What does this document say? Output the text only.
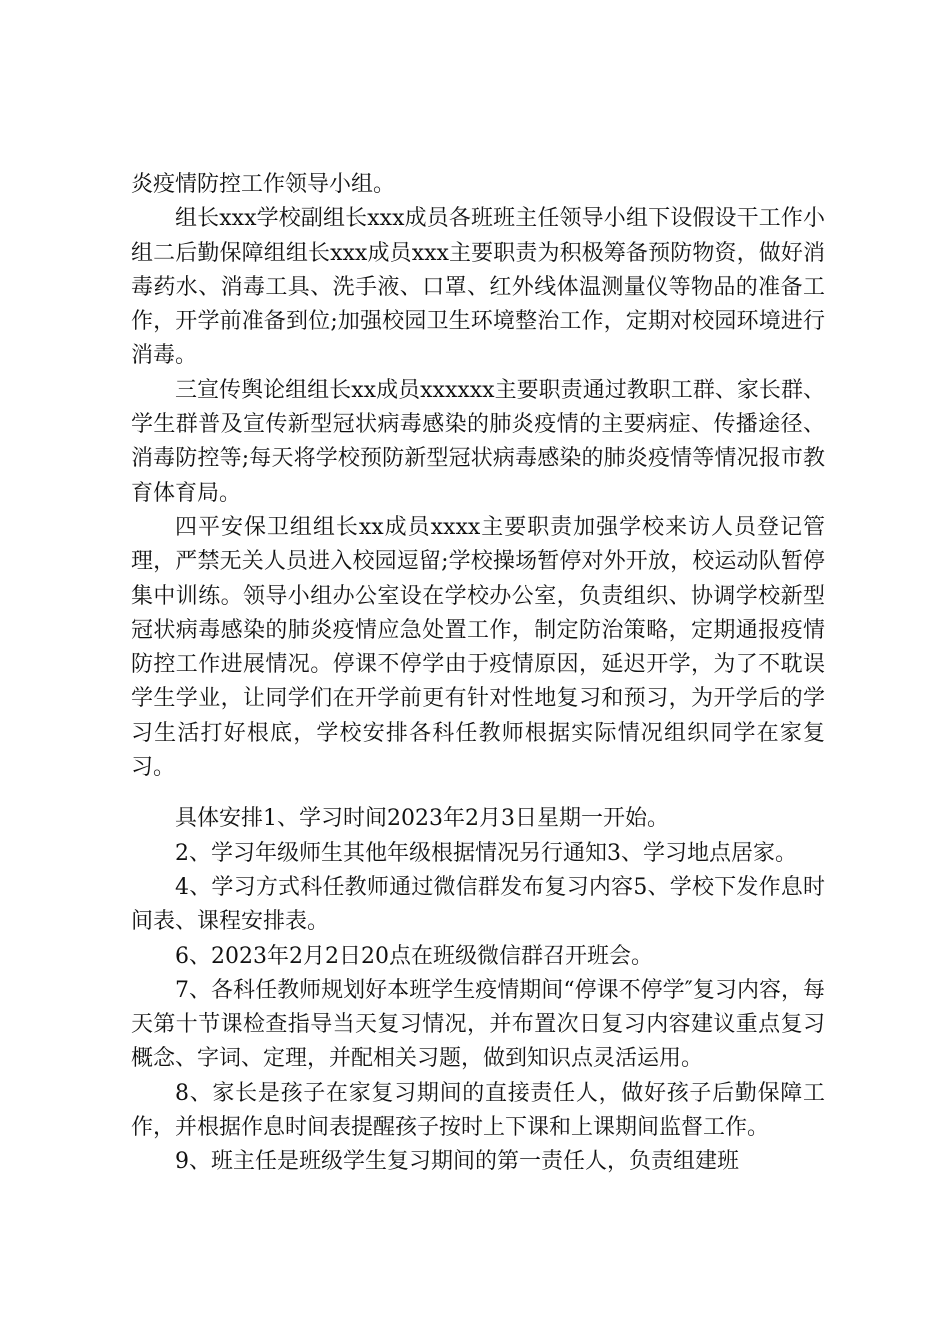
炎疫情防控工作领导小组。

组长xxx学校副组长xxx成员各班班主任领导小组下设假设干工作小组二后勤保障组组长xxx成员xxx主要职责为积极筹备预防物资，做好消毒药水、消毒工具、洗手液、口罩、红外线体温测量仪等物品的准备工作，开学前准备到位;加强校园卫生环境整治工作，定期对校园环境进行消毒。

三宣传舆论组组长xx成员xxxxxx主要职责通过教职工群、家长群、学生群普及宣传新型冠状病毒感染的肺炎疫情的主要病症、传播途径、消毒防控等;每天将学校预防新型冠状病毒感染的肺炎疫情等情况报市教育体育局。

四平安保卫组组长xx成员xxxx主要职责加强学校来访人员登记管理，严禁无关人员进入校园逗留;学校操场暂停对外开放，校运动队暂停集中训练。领导小组办公室设在学校办公室，负责组织、协调学校新型冠状病毒感染的肺炎疫情应急处置工作，制定防治策略，定期通报疫情防控工作进展情况。停课不停学由于疫情原因，延迟开学，为了不耽误学生学业，让同学们在开学前更有针对性地复习和预习，为开学后的学习生活打好根底，学校安排各科任教师根据实际情况组织同学在家复习。

具体安排1、学习时间2023年2月3日星期一开始。

2、学习年级师生其他年级根据情况另行通知3、学习地点居家。

4、学习方式科任教师通过微信群发布复习内容5、学校下发作息时间表、课程安排表。

6、2023年2月2日20点在班级微信群召开班会。

7、各科任教师规划好本班学生疫情期间“停课不停学″复习内容，每天第十节课检查指导当天复习情况，并布置次日复习内容建议重点复习概念、字词、定理，并配相关习题，做到知识点灵活运用。

8、家长是孩子在家复习期间的直接责任人，做好孩子后勤保障工作，并根据作息时间表提醒孩子按时上下课和上课期间监督工作。

9、班主任是班级学生复习期间的第一责任人，负责组建班
